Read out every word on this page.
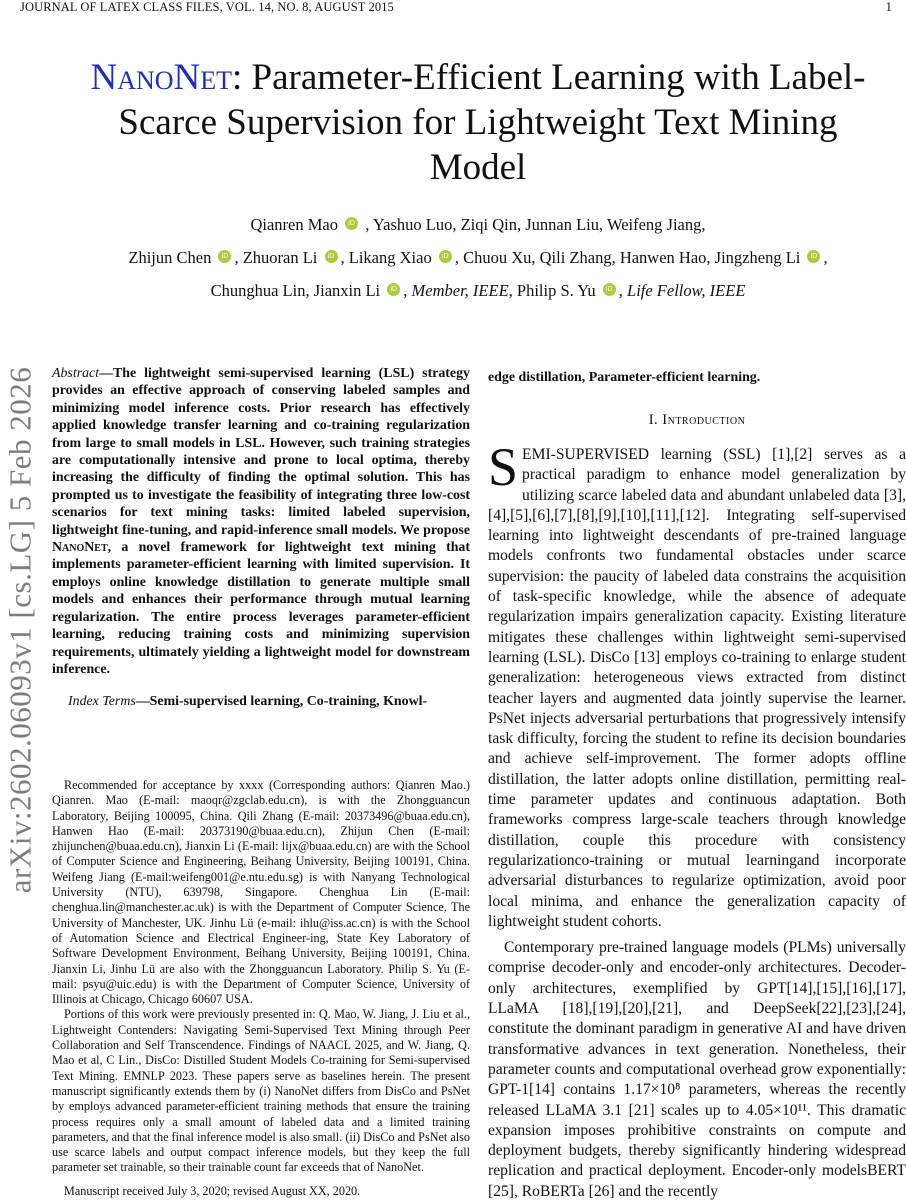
JOURNAL OF LATEX CLASS FILES, VOL. 14, NO. 8, AUGUST 2015	1
arXiv:2602.06093v1 [cs.LG] 5 Feb 2026
NanoNet: Parameter-Efficient Learning with Label-Scarce Supervision for Lightweight Text Mining Model
Qianren Mao iD , Yashuo Luo, Ziqi Qin, Junnan Liu, Weifeng Jiang,
Zhijun Chen iD , Zhuoran Li iD , Likang Xiao iD , Chuou Xu, Qili Zhang, Hanwen Hao, Jingzheng Li iD ,
Chunghua Lin, Jianxin Li iD , Member, IEEE, Philip S. Yu iD , Life Fellow, IEEE
Abstract—The lightweight semi-supervised learning (LSL) strategy provides an effective approach of conserving labeled samples and minimizing model inference costs. Prior research has effectively applied knowledge transfer learning and co-training regularization from large to small models in LSL. However, such training strategies are computationally intensive and prone to local optima, thereby increasing the difficulty of finding the optimal solution. This has prompted us to investigate the feasibility of integrating three low-cost scenarios for text mining tasks: limited labeled supervision, lightweight fine-tuning, and rapid-inference small models. We propose NanoNet, a novel framework for lightweight text mining that implements parameter-efficient learning with limited supervision. It employs online knowledge distillation to generate multiple small models and enhances their performance through mutual learning regularization. The entire process leverages parameter-efficient learning, reducing training costs and minimizing supervision requirements, ultimately yielding a lightweight model for downstream inference.
Index Terms—Semi-supervised learning, Co-training, Knowl-

Recommended for acceptance by xxxx (Corresponding authors: Qianren Mao.) Qianren. Mao (E-mail: maoqr@zgclab.edu.cn), is with the Zhongguancun Laboratory, Beijing 100095, China. Qili Zhang (E-mail: 20373496@buaa.edu.cn), Hanwen Hao (E-mail: 20373190@buaa.edu.cn), Zhijun Chen (E-mail: zhijunchen@buaa.edu.cn), Jianxin Li (E-mail: lijx@buaa.edu.cn) are with the School of Computer Science and Engineering, Beihang University, Beijing 100191, China. Weifeng Jiang (E-mail:weifeng001@e.ntu.edu.sg) is with Nanyang Technological University (NTU), 639798, Singapore. Chenghua Lin (E-mail: chenghua.lin@manchester.ac.uk) is with the Department of Computer Science, The University of Manchester, UK. Jinhu Lü (e-mail: ihlu@iss.ac.cn) is with the School of Automation Science and Electrical Engineer-ing, State Key Laboratory of Software Development Environment, Beihang University, Beijing 100191, China. Jianxin Li, Jinhu Lü are also with the Zhongguancun Laboratory. Philip S. Yu (E-mail: psyu@uic.edu) is with the Department of Computer Science, University of Illinois at Chicago, Chicago 60607 USA.

Portions of this work were previously presented in: Q. Mao, W. Jiang, J. Liu et al., Lightweight Contenders: Navigating Semi-Supervised Text Mining through Peer Collaboration and Self Transcendence. Findings of NAACL 2025, and W. Jiang, Q. Mao et al, C Lin., DisCo: Distilled Student Models Co-training for Semi-supervised Text Mining. EMNLP 2023. These papers serve as baselines herein. The present manuscript significantly extends them by (i) NanoNet differs from DisCo and PsNet by employs advanced parameter-efficient training methods that ensure the training process requires only a small amount of labeled data and a limited training parameters, and that the final inference model is also small. (ii) DisCo and PsNet also use scarce labels and output compact inference models, but they keep the full parameter set trainable, so their trainable count far exceeds that of NanoNet.

Manuscript received July 3, 2020; revised August XX, 2020.

edge distillation, Parameter-efficient learning.
I. Introduction

SEMI-SUPERVISED learning (SSL) [1],[2] serves as a practical paradigm to enhance model generalization by utilizing scarce labeled data and abundant unlabeled data [3],[4],[5],[6],[7],[8],[9],[10],[11],[12]. Integrating self-supervised learning into lightweight descendants of pre-trained language models confronts two fundamental obstacles under scarce supervision: the paucity of labeled data constrains the acquisition of task-specific knowledge, while the absence of adequate regularization impairs generalization capacity. Existing literature mitigates these challenges within lightweight semi-supervised learning (LSL). DisCo [13] employs co-training to enlarge student generalization: heterogeneous views extracted from distinct teacher layers and augmented data jointly supervise the learner. PsNet injects adversarial perturbations that progressively intensify task difficulty, forcing the student to refine its decision boundaries and achieve self-improvement. The former adopts offline distillation, the latter adopts online distillation, permitting real-time parameter updates and continuous adaptation. Both frameworks compress large-scale teachers through knowledge distillation, couple this procedure with consistency regularizationco-training or mutual learningand incorporate adversarial disturbances to regularize optimization, avoid poor local minima, and enhance the generalization capacity of lightweight student cohorts.

Contemporary pre-trained language models (PLMs) universally comprise decoder-only and encoder-only architectures. Decoder-only architectures, exemplified by GPT[14],[15],[16],[17], LLaMA [18],[19],[20],[21], and DeepSeek[22],[23],[24], constitute the dominant paradigm in generative AI and have driven transformative advances in text generation. Nonetheless, their parameter counts and computational overhead grow exponentially: GPT-1[14] contains 1.17×10⁸ parameters, whereas the recently released LLaMA 3.1 [21] scales up to 4.05×10¹¹. This dramatic expansion imposes prohibitive constraints on compute and deployment budgets, thereby significantly hindering widespread replication and practical deployment. Encoder-only modelsBERT [25], RoBERTa [26] and the recently
